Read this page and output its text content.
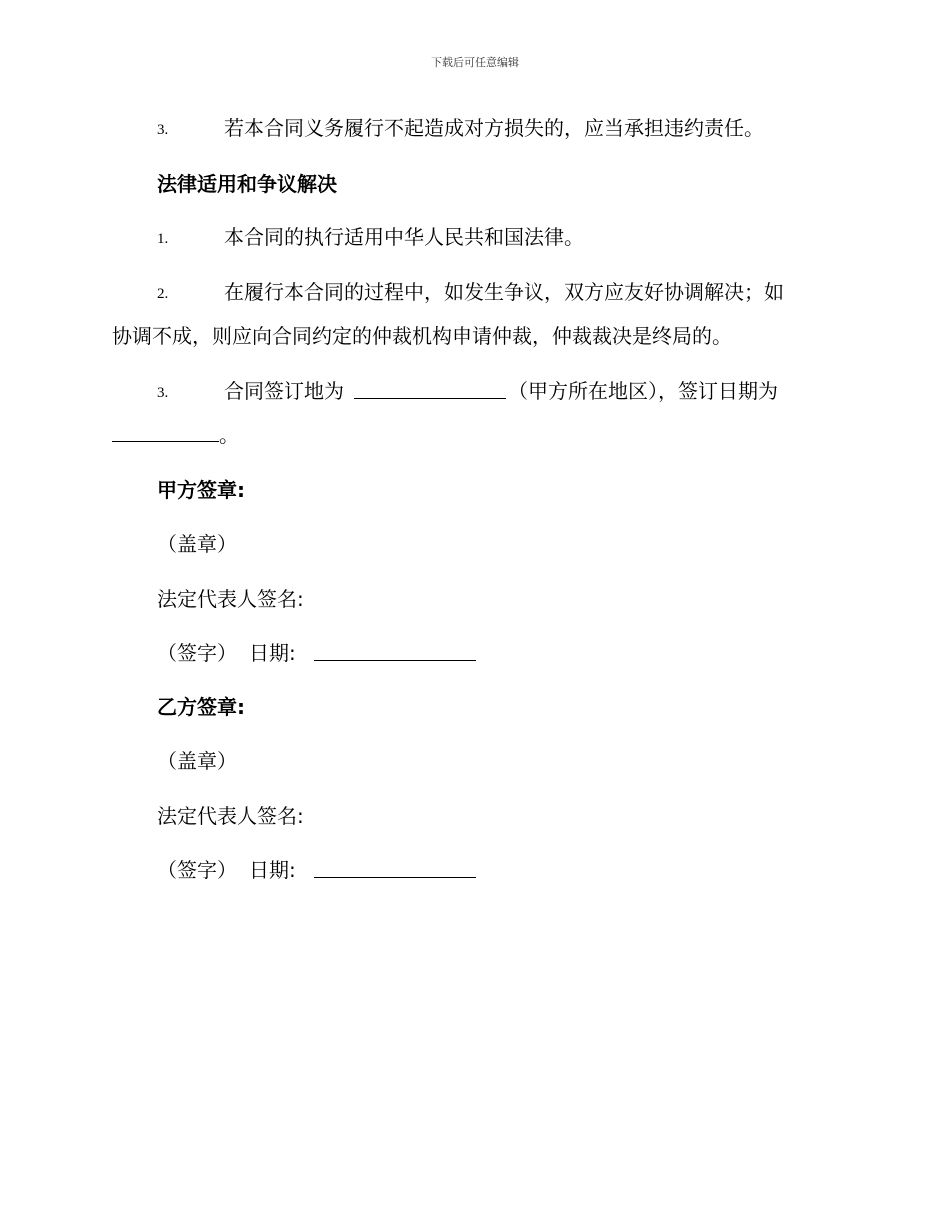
下载后可任意编辑
3.	若本合同义务履行不起造成对方损失的，应当承担违约责任。
法律适用和争议解决
1.	本合同的执行适用中华人民共和国法律。
2.	在履行本合同的过程中，如发生争议，双方应友好协调解决；如
协调不成，则应向合同约定的仲裁机构申请仲裁，仲裁裁决是终局的。
3.	合同签订地为	（甲方所在地区），签订日期为
。
甲方签章:
（盖章）
法定代表人签名:
（签字） 日期:
乙方签章:
（盖章）
法定代表人签名:
（签字） 日期:
